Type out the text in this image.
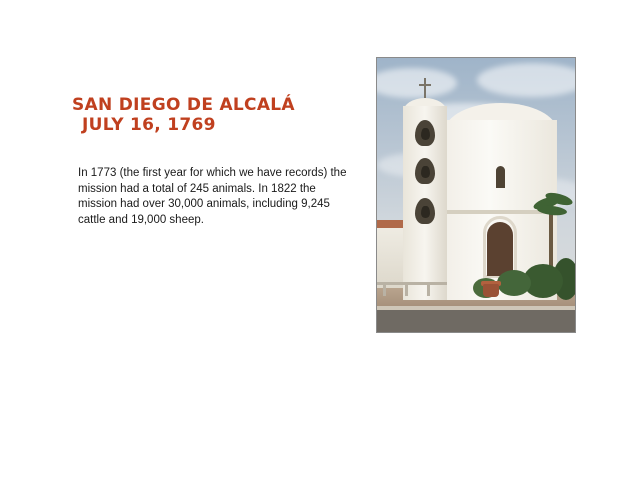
SAN DIEGO DE ALCALÁ
JULY 16, 1769
In 1773 (the first year for which we have records) the mission had a total of 245 animals. In 1822 the mission had over 30,000 animals, including 9,245 cattle and 19,000 sheep.
